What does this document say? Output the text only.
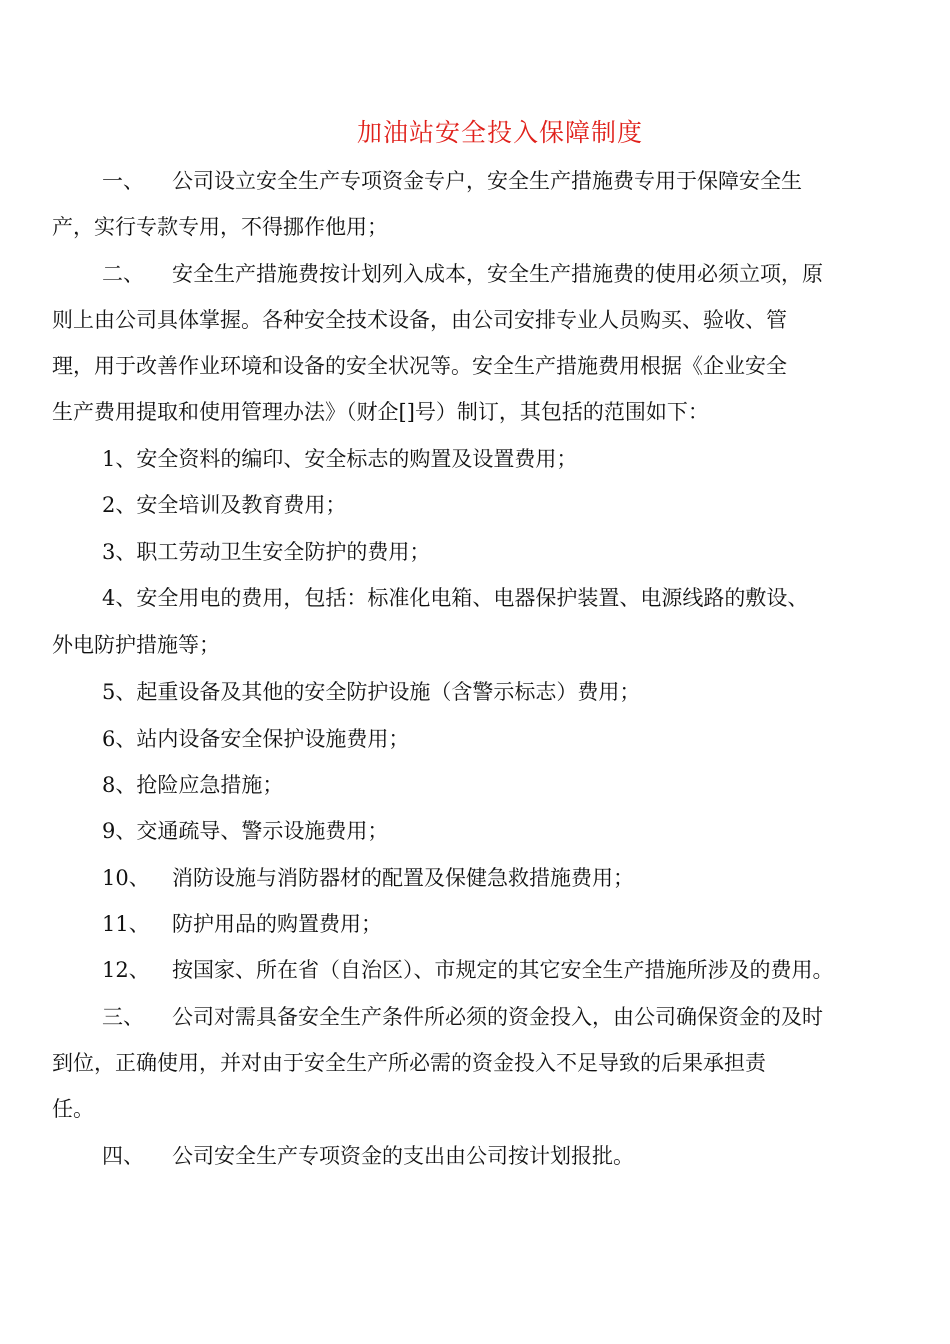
加油站安全投入保障制度
一、 公司设立安全生产专项资金专户，安全生产措施费专用于保障安全生
产，实行专款专用，不得挪作他用；
二、 安全生产措施费按计划列入成本，安全生产措施费的使用必须立项，原
则上由公司具体掌握。各种安全技术设备，由公司安排专业人员购买、验收、管
理，用于改善作业环境和设备的安全状况等。安全生产措施费用根据《企业安全
生产费用提取和使用管理办法》（财企[]号）制订，其包括的范围如下：
1、安全资料的编印、安全标志的购置及设置费用；
2、安全培训及教育费用；
3、职工劳动卫生安全防护的费用；
4、安全用电的费用，包括：标准化电箱、电器保护装置、电源线路的敷设、
外电防护措施等；
5、起重设备及其他的安全防护设施（含警示标志）费用；
6、站内设备安全保护设施费用；
8、抢险应急措施；
9、交通疏导、警示设施费用；
10、 消防设施与消防器材的配置及保健急救措施费用；
11、 防护用品的购置费用；
12、 按国家、所在省（自治区）、市规定的其它安全生产措施所涉及的费用。
三、 公司对需具备安全生产条件所必须的资金投入，由公司确保资金的及时
到位，正确使用，并对由于安全生产所必需的资金投入不足导致的后果承担责
任。
四、 公司安全生产专项资金的支出由公司按计划报批。
